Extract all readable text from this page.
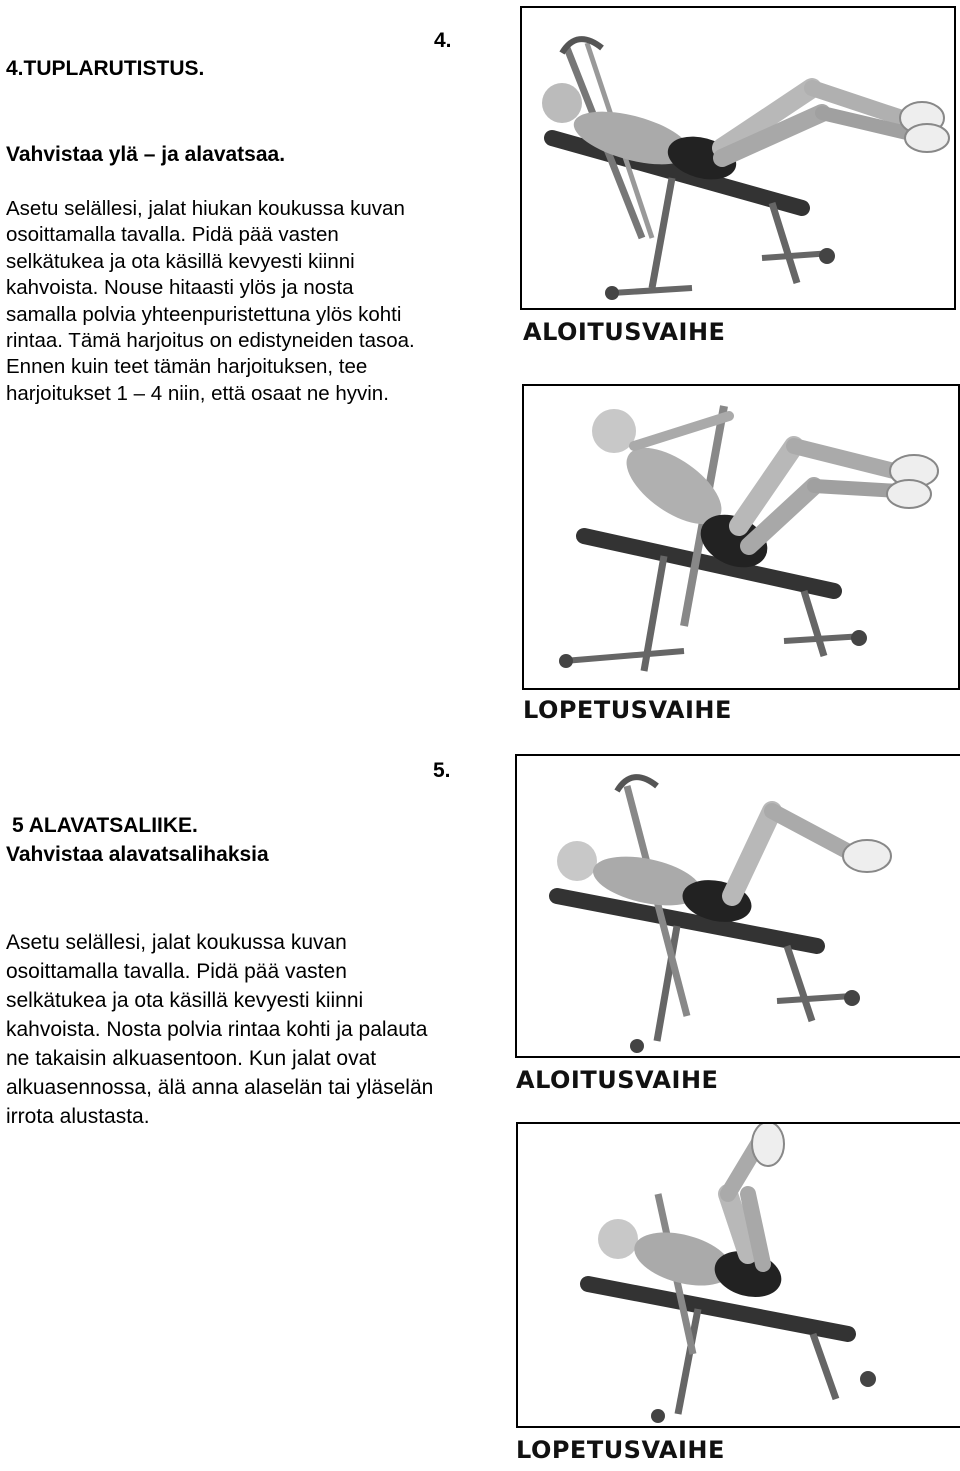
4.TUPLARUTISTUS.
4.
Vahvistaa ylä – ja alavatsaa.
Asetu selällesi, jalat hiukan koukussa kuvan
osoittamalla tavalla. Pidä pää vasten
selkätukea ja ota käsillä kevyesti kiinni
kahvoista. Nouse hitaasti ylös ja nosta
samalla polvia yhteenpuristettuna ylös kohti
rintaa. Tämä harjoitus on edistyneiden tasoa.
Ennen kuin teet tämän harjoituksen, tee
harjoitukset 1 – 4 niin, että osaat ne hyvin.
ALOITUSVAIHE
LOPETUSVAIHE
5.
5 ALAVATSALIIKE.
Vahvistaa alavatsalihaksia
Asetu selällesi, jalat koukussa kuvan
osoittamalla tavalla. Pidä pää vasten
selkätukea ja ota käsillä kevyesti kiinni
kahvoista. Nosta polvia rintaa kohti ja palauta
ne takaisin alkuasentoon. Kun jalat ovat
alkuasennossa, älä anna alaselän tai yläselän
irrota alustasta.
ALOITUSVAIHE
LOPETUSVAIHE
